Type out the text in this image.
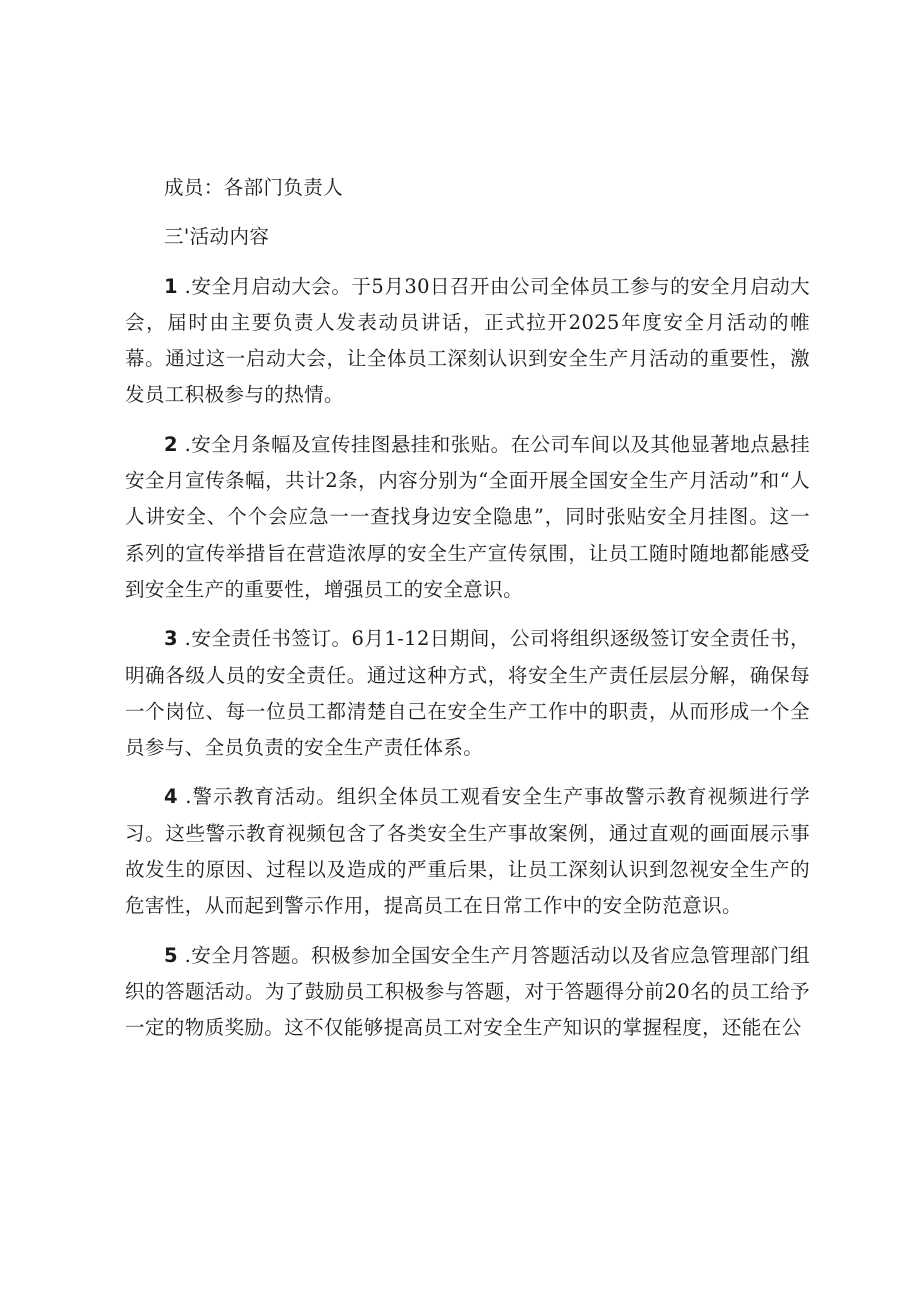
成员：各部门负责人

三'活动内容

1 .安全月启动大会。于5月30日召开由公司全体员工参与的安全月启动大会，届时由主要负责人发表动员讲话，正式拉开2025年度安全月活动的帷幕。通过这一启动大会，让全体员工深刻认识到安全生产月活动的重要性，激发员工积极参与的热情。

2 .安全月条幅及宣传挂图悬挂和张贴。在公司车间以及其他显著地点悬挂安全月宣传条幅，共计2条，内容分别为“全面开展全国安全生产月活动”和“人人讲安全、个个会应急一一查找身边安全隐患”，同时张贴安全月挂图。这一系列的宣传举措旨在营造浓厚的安全生产宣传氛围，让员工随时随地都能感受到安全生产的重要性，增强员工的安全意识。

3 .安全责任书签订。6月1-12日期间，公司将组织逐级签订安全责任书，明确各级人员的安全责任。通过这种方式，将安全生产责任层层分解，确保每一个岗位、每一位员工都清楚自己在安全生产工作中的职责，从而形成一个全员参与、全员负责的安全生产责任体系。

4 .警示教育活动。组织全体员工观看安全生产事故警示教育视频进行学习。这些警示教育视频包含了各类安全生产事故案例，通过直观的画面展示事故发生的原因、过程以及造成的严重后果，让员工深刻认识到忽视安全生产的危害性，从而起到警示作用，提高员工在日常工作中的安全防范意识。

5 .安全月答题。积极参加全国安全生产月答题活动以及省应急管理部门组织的答题活动。为了鼓励员工积极参与答题，对于答题得分前20名的员工给予一定的物质奖励。这不仅能够提高员工对安全生产知识的掌握程度，还能在公
